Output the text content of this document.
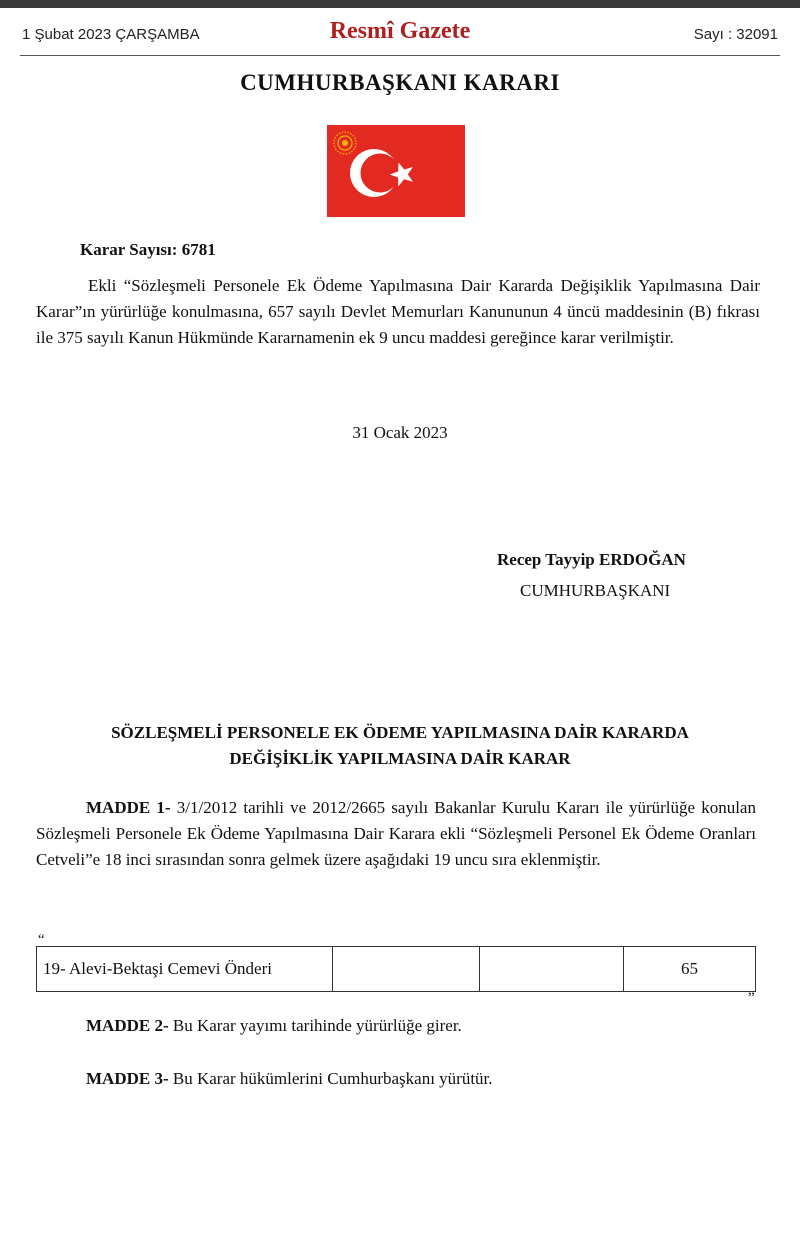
1 Şubat 2023 ÇARŞAMBA	Resmî Gazete	Sayı : 32091
CUMHURBAŞKANI KARARI
Karar Sayısı: 6781
Ekli “Sözleşmeli Personele Ek Ödeme Yapılmasına Dair Kararda Değişiklik Yapılmasına Dair Karar”ın yürürlüğe konulmasına, 657 sayılı Devlet Memurları Kanununun 4 üncü maddesinin (B) fıkrası ile 375 sayılı Kanun Hükmünde Kararnamenin ek 9 uncu maddesi gereğince karar verilmiştir.
31 Ocak 2023
Recep Tayyip ERDOĞAN
CUMHURBAŞKANI
SÖZLEŞMELİ PERSONELE EK ÖDEME YAPILMASINA DAİR KARARDA
DEĞİŞİKLİK YAPILMASINA DAİR KARAR
MADDE 1- 3/1/2012 tarihli ve 2012/2665 sayılı Bakanlar Kurulu Kararı ile yürürlüğe konulan Sözleşmeli Personele Ek Ödeme Yapılmasına Dair Karara ekli “Sözleşmeli Personel Ek Ödeme Oranları Cetveli”e 18 inci sırasından sonra gelmek üzere aşağıdaki 19 uncu sıra eklenmiştir.
“
19- Alevi-Bektaşi Cemevi Önderi			65
”
MADDE 2- Bu Karar yayımı tarihinde yürürlüğe girer.
MADDE 3- Bu Karar hükümlerini Cumhurbaşkanı yürütür.
